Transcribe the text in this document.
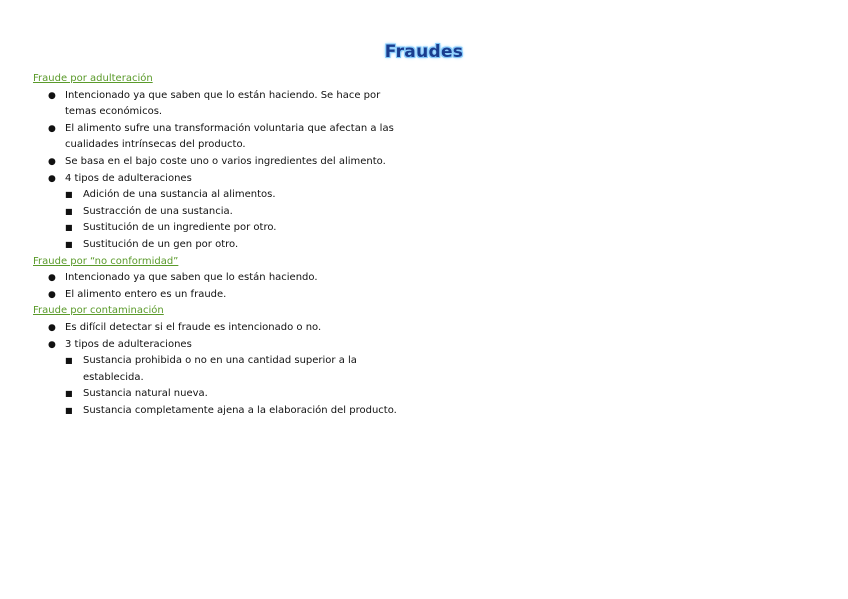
Fraudes
Fraude por adulteración
● Intencionado ya que saben que lo están haciendo. Se hace por temas económicos.
● El alimento sufre una transformación voluntaria que afectan a las cualidades intrínsecas del producto.
● Se basa en el bajo coste uno o varios ingredientes del alimento.
● 4 tipos de adulteraciones
■ Adición de una sustancia al alimentos.
■ Sustracción de una sustancia.
■ Sustitución de un ingrediente por otro.
■ Sustitución de un gen por otro.
Fraude por “no conformidad”
● Intencionado ya que saben que lo están haciendo.
● El alimento entero es un fraude.
Fraude por contaminación
● Es difícil detectar si el fraude es intencionado o no.
● 3 tipos de adulteraciones
■ Sustancia prohibida o no en una cantidad superior a la establecida.
■ Sustancia natural nueva.
■ Sustancia completamente ajena a la elaboración del producto.
